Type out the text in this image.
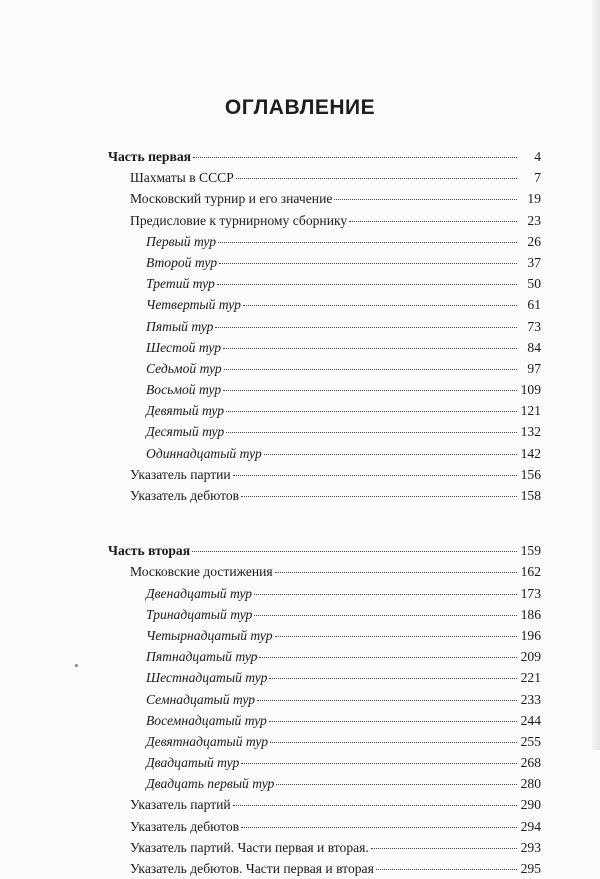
ОГЛАВЛЕНИЕ
Часть первая	4
Шахматы в СССР	7
Московский турнир и его значение	19
Предисловие к турнирному сборнику	23
Первый тур	26
Второй тур	37
Третий тур	50
Четвертый тур	61
Пятый тур	73
Шестой тур	84
Седьмой тур	97
Восьмой тур	109
Девятый тур	121
Десятый тур	132
Одиннадцатый тур	142
Указатель партии	156
Указатель дебютов	158
Часть вторая	159
Московские достижения	162
Двенадцатый тур	173
Тринадцатый тур	186
Четырнадцатый тур	196
Пятнадцатый тур	209
Шестнадцатый тур	221
Семнадцатый тур	233
Восемнадцатый тур	244
Девятнадцатый тур	255
Двадцатый тур	268
Двадцать первый тур	280
Указатель партий	290
Указатель дебютов	294
Указатель партий. Части первая и вторая.	293
Указатель дебютов. Части первая и вторая	295
